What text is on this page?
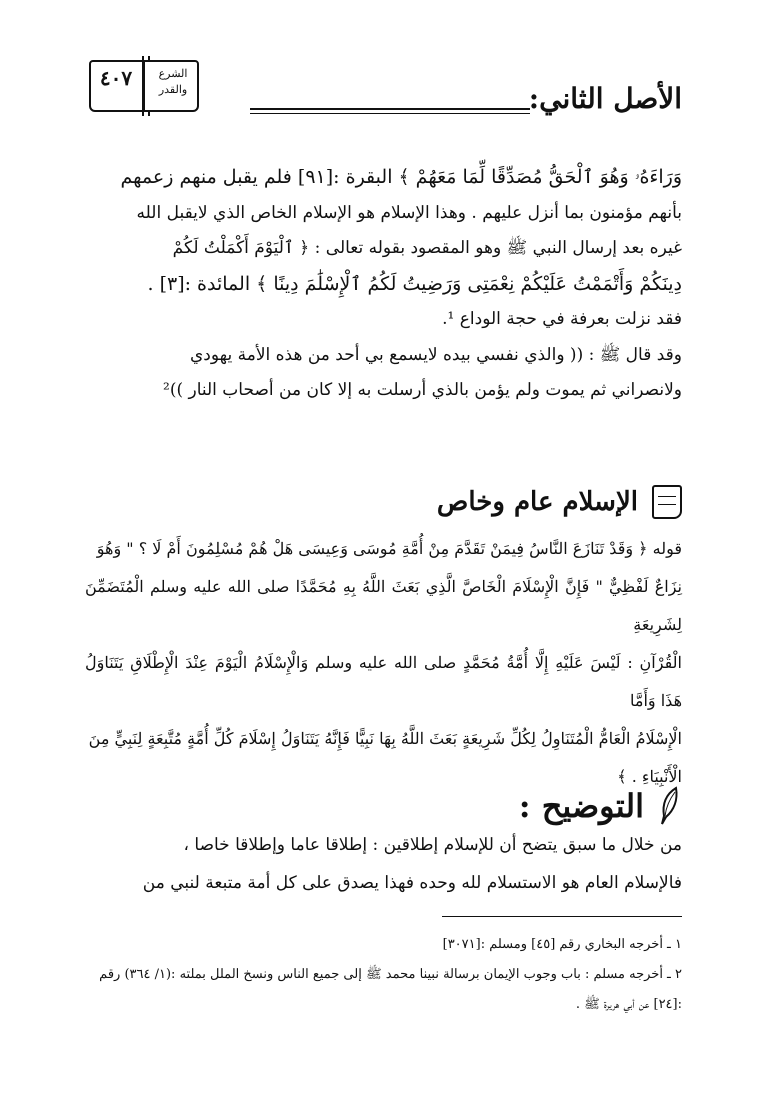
الأصل الثاني:
٤٠٧	الشرع والقدر

وَرَاءَهُۥ وَهُوَ ٱلْحَقُّ مُصَدِّقًا لِّمَا مَعَهُمْ ﴾ البقرة :[٩١] فلم يقبل منهم زعمهم

بأنهم مؤمنون بما أنزل عليهم . وهذا الإسلام هو الإسلام الخاص الذي لايقبل الله

غيره بعد إرسال النبي ﷺ وهو المقصود بقوله تعالى : ﴿ ٱلْيَوْمَ أَكْمَلْتُ لَكُمْ

دِينَكُمْ وَأَتْمَمْتُ عَلَيْكُمْ نِعْمَتِى وَرَضِيتُ لَكُمُ ٱلْإِسْلَٰمَ دِينًا ﴾ المائدة :[٣] .

فقد نزلت بعرفة في حجة الوداع ¹.

وقد قال ﷺ : (( والذي نفسي بيده لايسمع بي أحد من هذه الأمة يهودي

ولانصراني ثم يموت ولم يؤمن بالذي أرسلت به إلا كان من أصحاب النار ))²

الإسلام عام وخاص

قوله ﴿ وَقَدْ تَنَازَعَ النَّاسُ فِيمَنْ تَقَدَّمَ مِنْ أُمَّةِ مُوسَى وَعِيسَى هَلْ هُمْ مُسْلِمُونَ أَمْ لَا ؟ " وَهُوَ

نِزَاعٌ لَفْظِيٌّ " فَإِنَّ الْإِسْلَامَ الْخَاصَّ الَّذِي بَعَثَ اللَّهُ بِهِ مُحَمَّدًا صلى الله عليه وسلم الْمُتَضَمِّنَ لِشَرِيعَةِ

الْقُرْآنِ : لَيْسَ عَلَيْهِ إِلَّا أُمَّةُ مُحَمَّدٍ صلى الله عليه وسلم وَالْإِسْلَامُ الْيَوْمَ عِنْدَ الْإِطْلَاقِ يَتَنَاوَلُ هَذَا وَأَمَّا

الْإِسْلَامُ الْعَامُّ الْمُتَنَاوِلُ لِكُلِّ شَرِيعَةٍ بَعَثَ اللَّهُ بِهَا نَبِيًّا فَإِنَّهُ يَتَنَاوَلُ إِسْلَامَ كُلِّ أُمَّةٍ مُتَّبِعَةٍ لِنَبِيٍّ مِنَ

الْأَنْبِيَاءِ . ﴾

التوضيح :

من خلال ما سبق يتضح أن للإسلام إطلاقين : إطلاقا عاما وإطلاقا خاصا ،

فالإسلام العام هو الاستسلام لله وحده فهذا يصدق على كل أمة متبعة لنبي من

١ ـ أخرجه البخاري رقم [٤٥] ومسلم :[٣٠٧١]

٢ ـ أخرجه مسلم : باب وجوب الإيمان برسالة نبينا محمد ﷺ إلى جميع الناس ونسخ الملل بملته :(١/ ٣٦٤) رقم

:[٢٤] عن أبي هريرة ﷺ .
